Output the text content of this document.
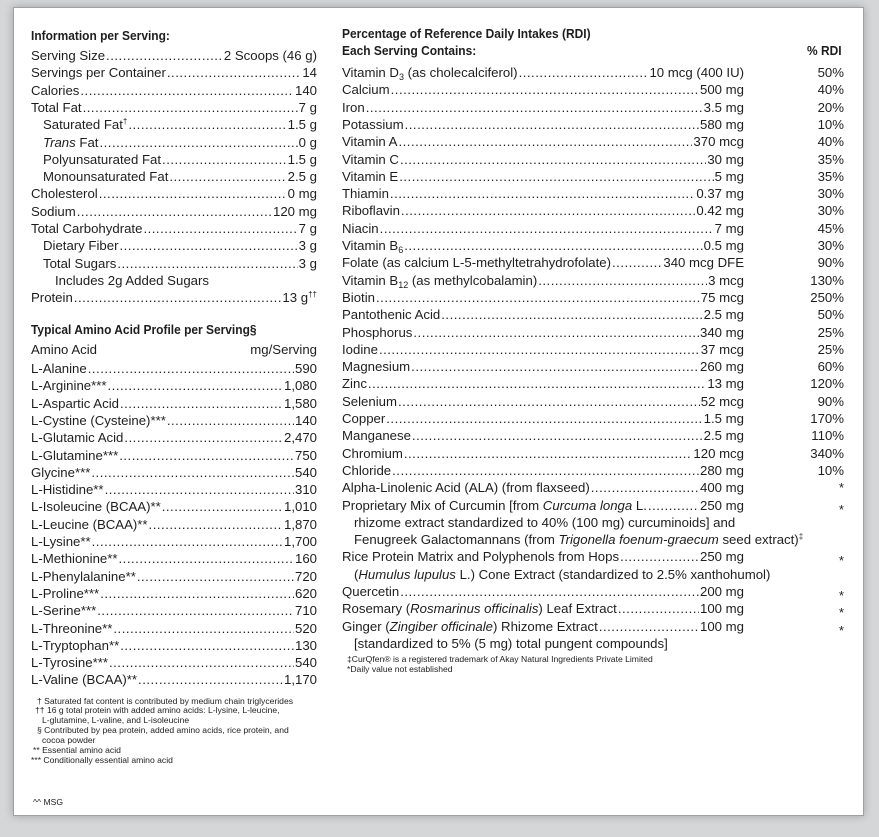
Information per Serving:
Serving Size .....	2 Scoops (46 g)
Servings per Container .....	14
Calories .....	140
Total Fat .....	7 g
Saturated Fat† .....	1.5 g
Trans Fat .....	0 g
Polyunsaturated Fat .....	1.5 g
Monounsaturated Fat .....	2.5 g
Cholesterol .....	0 mg
Sodium .....	120 mg
Total Carbohydrate .....	7 g
Dietary Fiber .....	3 g
Total Sugars .....	3 g
Includes 2g Added Sugars
Protein .....	13 g††
Typical Amino Acid Profile per Serving§
Amino Acid	mg/Serving
L-Alanine .....	590
L-Arginine*** .....	1,080
L-Aspartic Acid .....	1,580
L-Cystine (Cysteine)*** .....	140
L-Glutamic Acid .....	2,470
L-Glutamine*** .....	750
Glycine*** .....	540
L-Histidine** .....	310
L-Isoleucine (BCAA)** .....	1,010
L-Leucine (BCAA)** .....	1,870
L-Lysine** .....	1,700
L-Methionine** .....	160
L-Phenylalanine** .....	720
L-Proline*** .....	620
L-Serine*** .....	710
L-Threonine** .....	520
L-Tryptophan** .....	130
L-Tyrosine*** .....	540
L-Valine (BCAA)** .....	1,170
† Saturated fat content is contributed by medium chain triglycerides
†† 16 g total protein with added amino acids: L-lysine, L-leucine,
L-glutamine, L-valine, and L-isoleucine
§ Contributed by pea protein, added amino acids, rice protein, and
cocoa powder
** Essential amino acid
*** Conditionally essential amino acid
^^ MSG
Percentage of Reference Daily Intakes (RDI)
Each Serving Contains:	% RDI
Vitamin $D_3$ (as cholecalciferol) .....	10 mcg (400 IU)	50%
Calcium .....	500 mg	40%
Iron .....	3.5 mg	20%
Potassium .....	580 mg	10%
Vitamin A .....	370 mcg	40%
Vitamin C .....	30 mg	35%
Vitamin E .....	5 mg	35%
Thiamin .....	0.37 mg	30%
Riboflavin .....	0.42 mg	30%
Niacin .....	7 mg	45%
Vitamin $B_6$ .....	0.5 mg	30%
Folate (as calcium L-5-methyltetrahydrofolate) .....	340 mcg DFE	90%
Vitamin $B_{12}$ (as methylcobalamin) .....	3 mcg	130%
Biotin .....	75 mcg	250%
Pantothenic Acid .....	2.5 mg	50%
Phosphorus .....	340 mg	25%
Iodine .....	37 mcg	25%
Magnesium .....	260 mg	60%
Zinc .....	13 mg	120%
Selenium .....	52 mcg	90%
Copper .....	1.5 mg	170%
Manganese .....	2.5 mg	110%
Chromium .....	120 mcg	340%
Chloride .....	280 mg	10%
Alpha-Linolenic Acid (ALA) (from flaxseed) .....	400 mg	*
Proprietary Mix of Curcumin [from Curcuma longa L. .....	250 mg	*
rhizome extract standardized to 40% (100 mg) curcuminoids] and
Fenugreek Galactomannans (from Trigonella foenum-graecum seed extract)‡
Rice Protein Matrix and Polyphenols from Hops .....	250 mg	*
(Humulus lupulus L.) Cone Extract (standardized to 2.5% xanthohumol)
Quercetin .....	200 mg	*
Rosemary (Rosmarinus officinalis) Leaf Extract .....	100 mg	*
Ginger (Zingiber officinale) Rhizome Extract .....	100 mg	*
[standardized to 5% (5 mg) total pungent compounds]
‡CurQfen® is a registered trademark of Akay Natural Ingredients Private Limited
*Daily value not established
